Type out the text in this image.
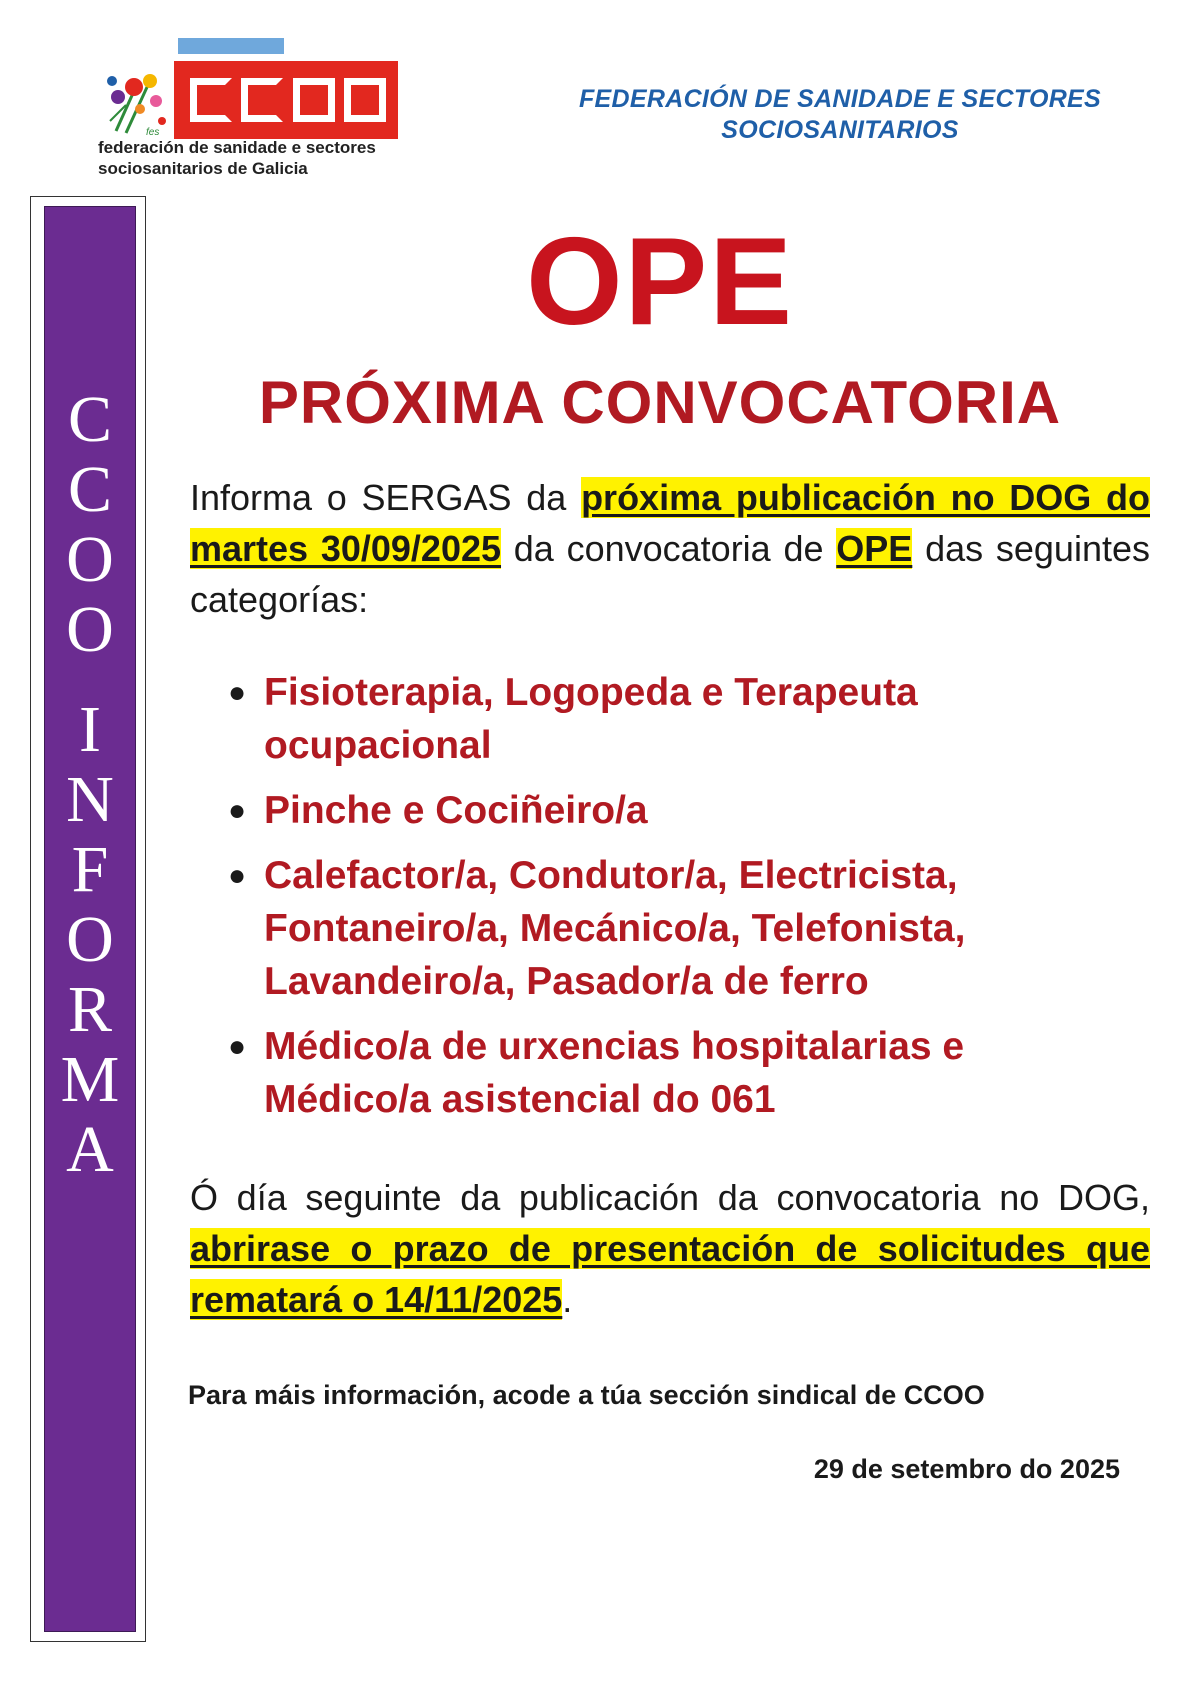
fes
federación de sanidade e sectores
sociosanitarios de Galicia
FEDERACIÓN DE SANIDADE E SECTORES
SOCIOSANITARIOS
C
C
O
O
I
N
F
O
R
M
A
OPE
PRÓXIMA CONVOCATORIA
Informa o SERGAS da próxima publicación no DOG do martes 30/09/2025 da convocatoria de OPE das seguintes categorías:
● Fisioterapia, Logopeda e Terapeuta ocupacional
● Pinche e Cociñeiro/a
● Calefactor/a, Condutor/a, Electricista, Fontaneiro/a, Mecánico/a, Telefonista, Lavandeiro/a, Pasador/a de ferro
● Médico/a de urxencias hospitalarias e Médico/a asistencial do 061
Ó día seguinte da publicación da convocatoria no DOG, abrirase o prazo de presentación de solicitudes que rematará o 14/11/2025.
Para máis información, acode a túa sección sindical de CCOO
29 de setembro do 2025
